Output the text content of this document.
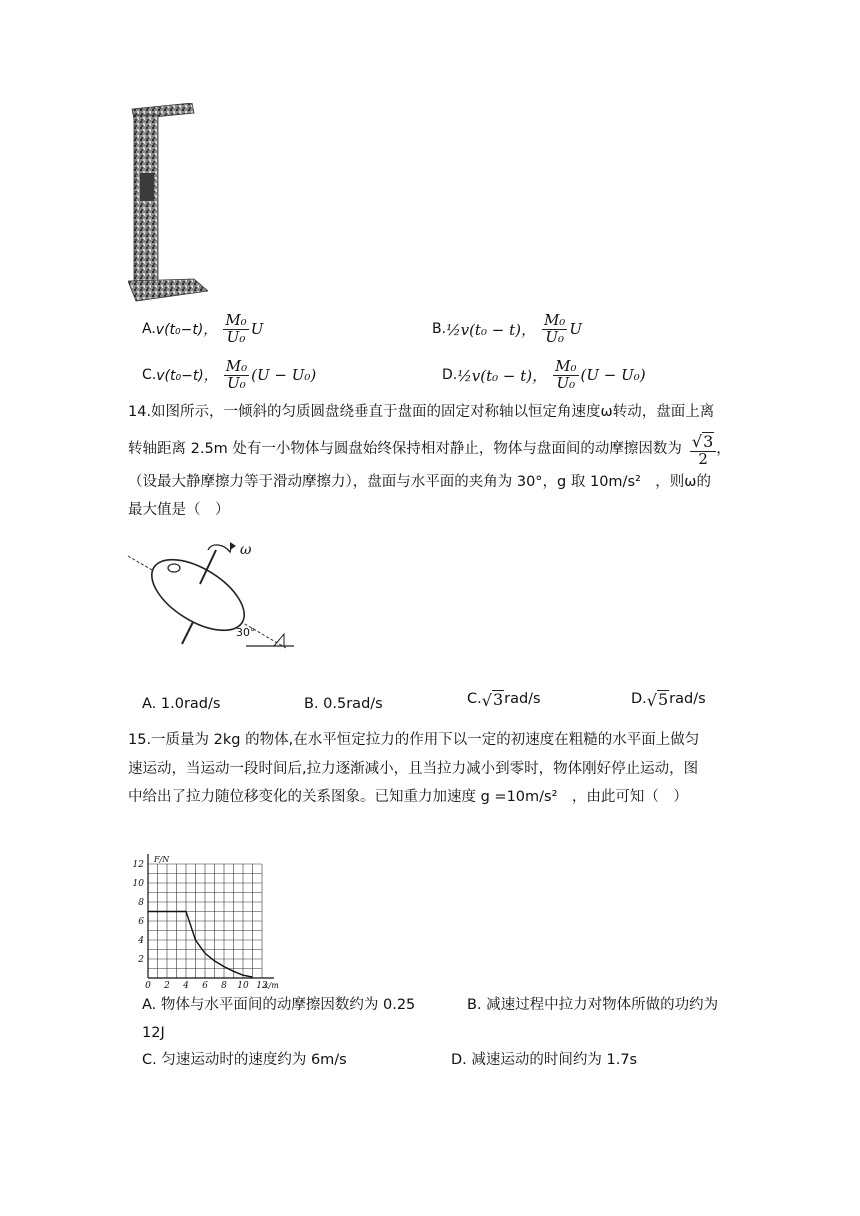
A. v(t₀−t)， $\frac{\text{M₀}}{\text{U₀}}$ U	B. ½v(t₀ − t)， $\frac{\text{M₀}}{\text{U₀}}$ U
C. v(t₀−t)， $\frac{\text{M₀}}{\text{U₀}} (U - U_0)$	D. ½v(t₀ − t)， $\frac{\text{M₀}}{\text{U₀}} (U - U_0)$
14.如图所示，一倾斜的匀质圆盘绕垂直于盘面的固定对称轴以恒定角速度ω转动，盘面上离
转轴距离 2.5m 处有一小物体与圆盘始终保持相对静止，物体与盘面间的动摩擦因数为 $\frac{√ 3}{2}$ ，
（设最大静摩擦力等于滑动摩擦力），盘面与水平面的夹角为 30°，g 取 10m/s²　，则ω的
最大值是（　）
ω
30°
A. 1.0rad/s	B. 0.5rad/s	C. √ 3 rad/s	D. √ 5 rad/s
15.一质量为 2kg 的物体,在水平恒定拉力的作用下以一定的初速度在粗糙的水平面上做匀
速运动，当运动一段时间后,拉力逐渐减小，且当拉力减小到零时，物体刚好停止运动，图
中给出了拉力随位移变化的关系图象。已知重力加速度 g =10m/s²　，由此可知（　）
0 2 4 6 8 10 12
2
4
6
8
10
12
F/N
x/m
A. 物体与水平面间的动摩擦因数约为 0.25	B. 减速过程中拉力对物体所做的功约为
12J
C. 匀速运动时的速度约为 6m/s	D. 减速运动的时间约为 1.7s
